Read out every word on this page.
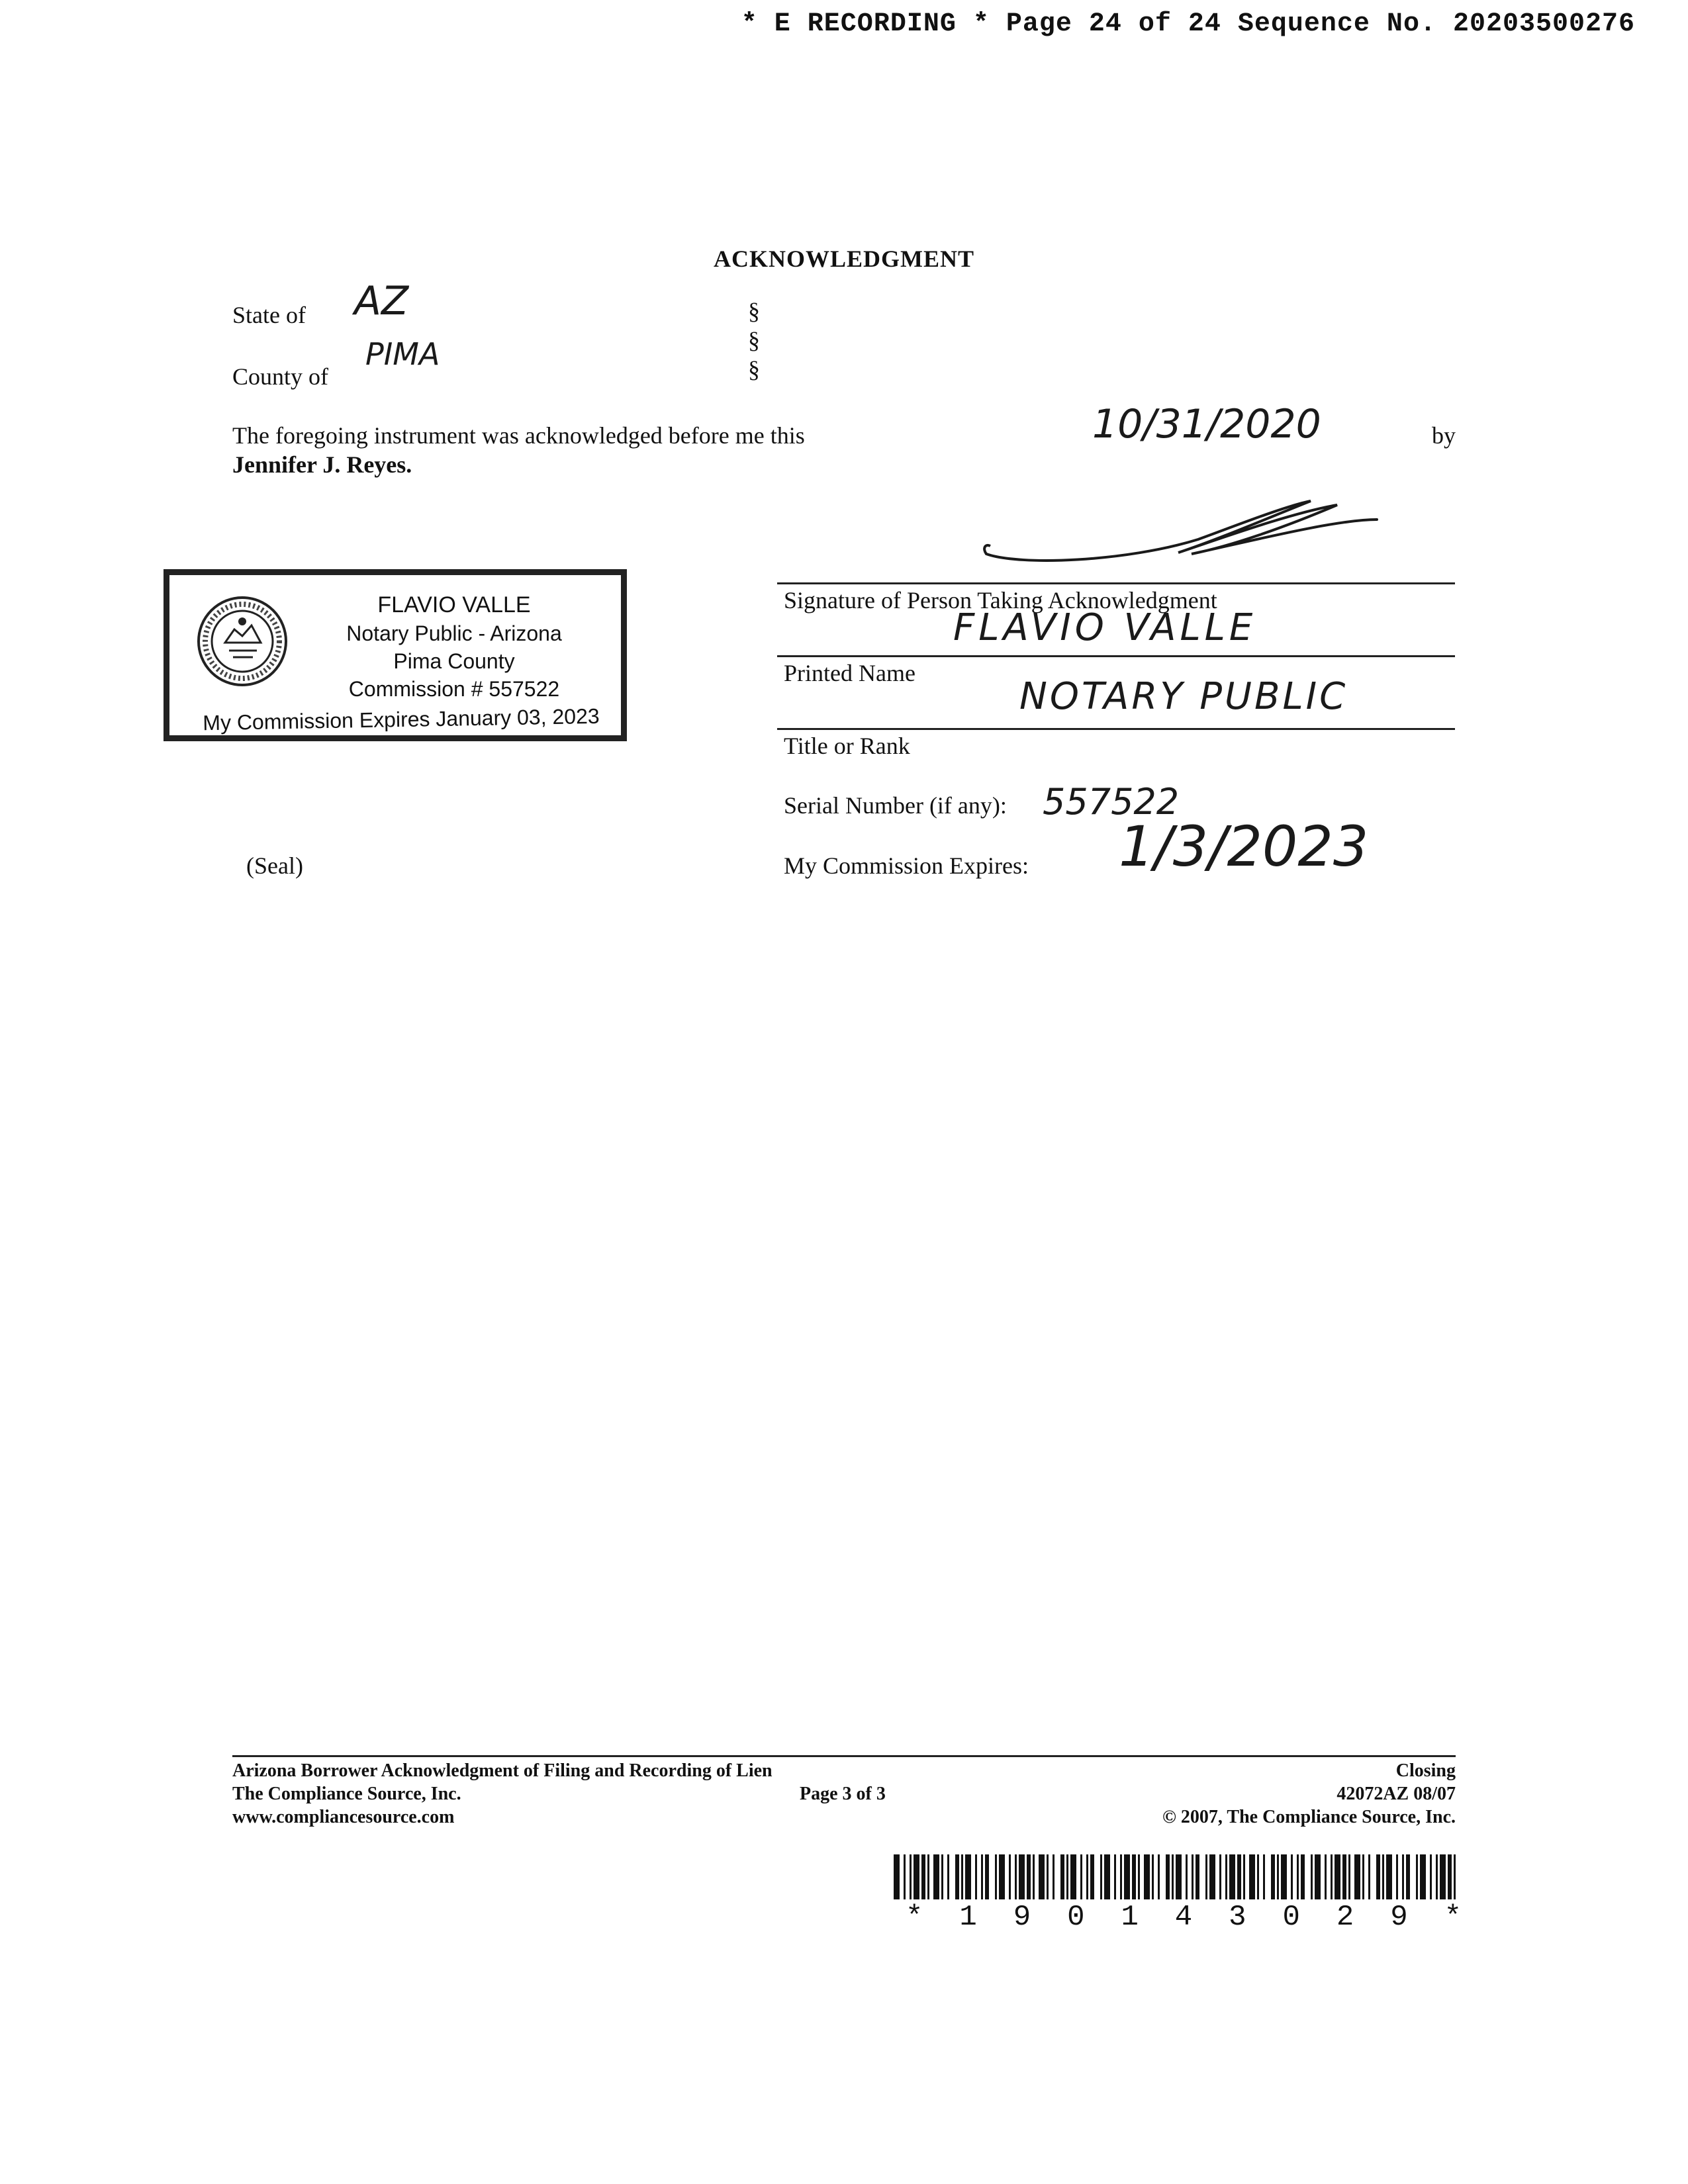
* E RECORDING * Page 24 of 24 Sequence No. 20203500276
ACKNOWLEDGMENT
State of AZ
County of
PIMA
§
§
§
The foregoing instrument was acknowledged before me this	by
Jennifer J. Reyes.
10/31/2020
Signature of Person Taking Acknowledgment
FLAVIO VALLE
Printed Name
NOTARY PUBLIC
Title or Rank
Serial Number (if any): 557522
My Commission Expires: 1/3/2023
FLAVIO VALLE
Notary Public - Arizona
Pima County
Commission # 557522
My Commission Expires January 03, 2023
(Seal)
Arizona Borrower Acknowledgment of Filing and Recording of Lien
The Compliance Source, Inc.
www.compliancesource.com
Page 3 of 3
Closing
42072AZ 08/07
© 2007, The Compliance Source, Inc.
* 1 9 0 1 4 3 0 2 9 *
